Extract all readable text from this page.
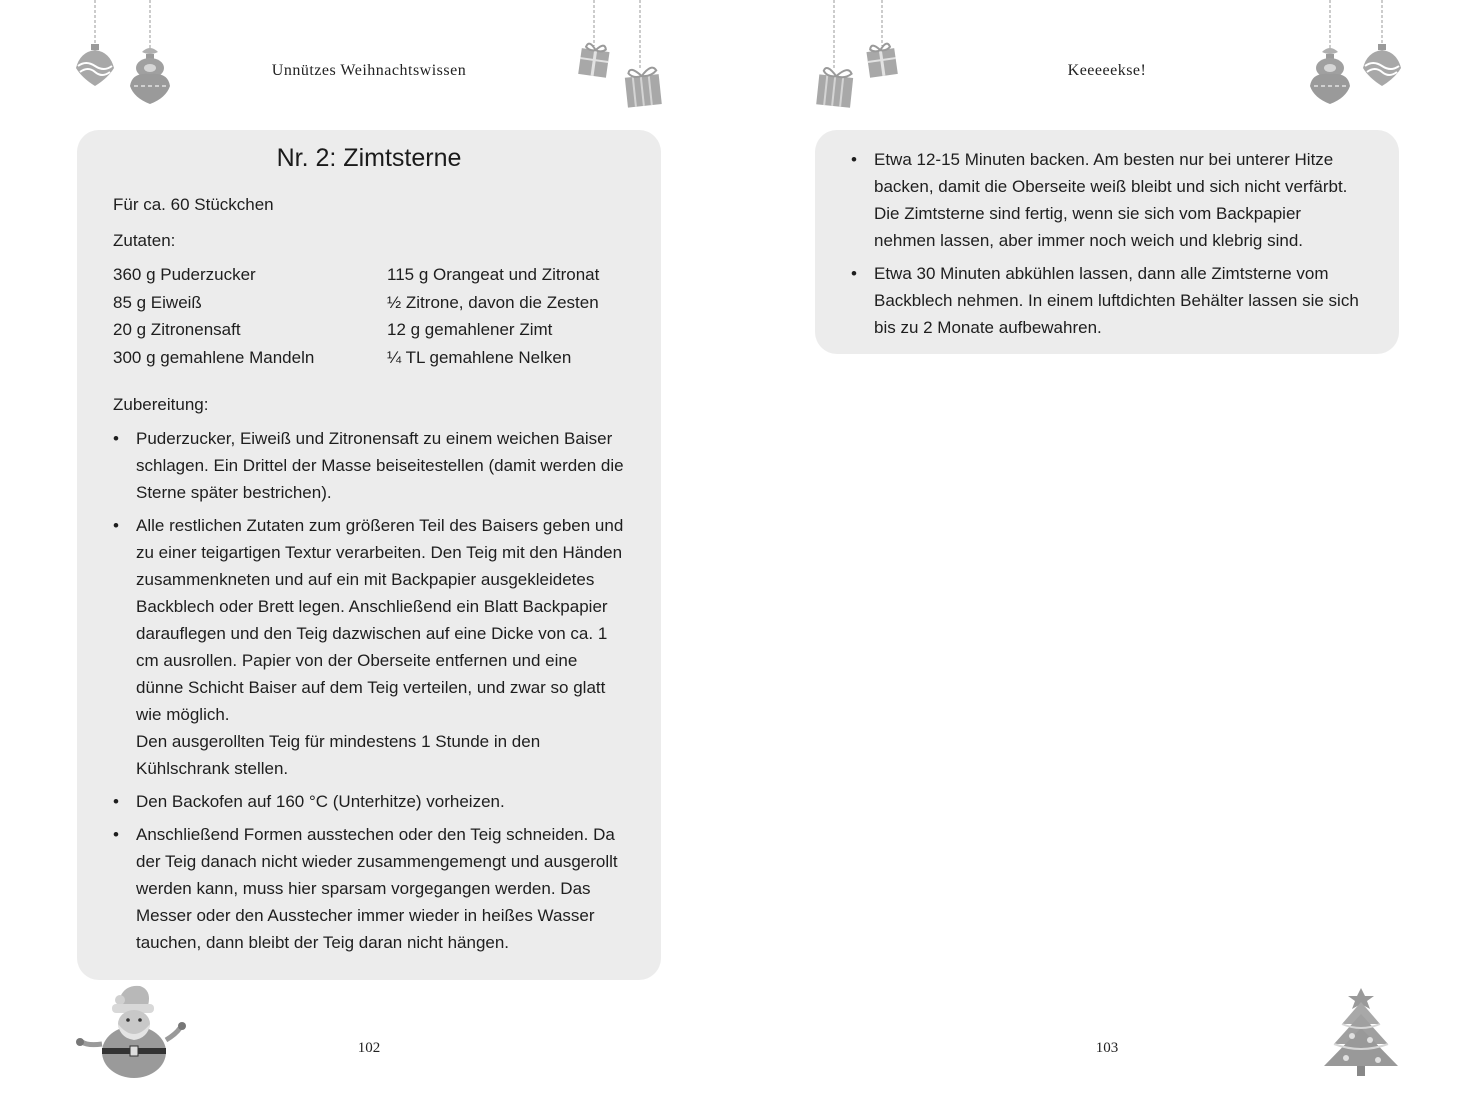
Unnützes Weihnachtswissen
Nr. 2: Zimtsterne
Für ca. 60 Stückchen
Zutaten:
360 g Puderzucker	115 g Orangeat und Zitronat
85 g Eiweiß	½ Zitrone, davon die Zesten
20 g Zitronensaft	12 g gemahlener Zimt
300 g gemahlene Mandeln	¼ TL gemahlene Nelken
Zubereitung:
•	Puderzucker, Eiweiß und Zitronensaft zu einem weichen Baiser schlagen. Ein Drittel der Masse beiseitestellen (damit werden die Sterne später bestrichen).
•	Alle restlichen Zutaten zum größeren Teil des Baisers geben und zu einer teigartigen Textur verarbeiten. Den Teig mit den Händen zusammenkneten und auf ein mit Backpapier ausgekleidetes Backblech oder Brett legen. Anschließend ein Blatt Backpapier darauflegen und den Teig dazwischen auf eine Dicke von ca. 1 cm ausrollen. Papier von der Oberseite entfernen und eine dünne Schicht Baiser auf dem Teig verteilen, und zwar so glatt wie möglich.
Den ausgerollten Teig für mindestens 1 Stunde in den Kühlschrank stellen.
•	Den Backofen auf 160 °C (Unterhitze) vorheizen.
•	Anschließend Formen ausstechen oder den Teig schneiden. Da der Teig danach nicht wieder zusammengemengt und ausgerollt werden kann, muss hier sparsam vorgegangen werden. Das Messer oder den Ausstecher immer wieder in heißes Wasser tauchen, dann bleibt der Teig daran nicht hängen.
102
Keeeeekse!
•	Etwa 12-15 Minuten backen. Am besten nur bei unterer Hitze backen, damit die Oberseite weiß bleibt und sich nicht verfärbt. Die Zimtsterne sind fertig, wenn sie sich vom Backpapier nehmen lassen, aber immer noch weich und klebrig sind.
•	Etwa 30 Minuten abkühlen lassen, dann alle Zimtsterne vom Backblech nehmen. In einem luftdichten Behälter lassen sie sich bis zu 2 Monate aufbewahren.
103
